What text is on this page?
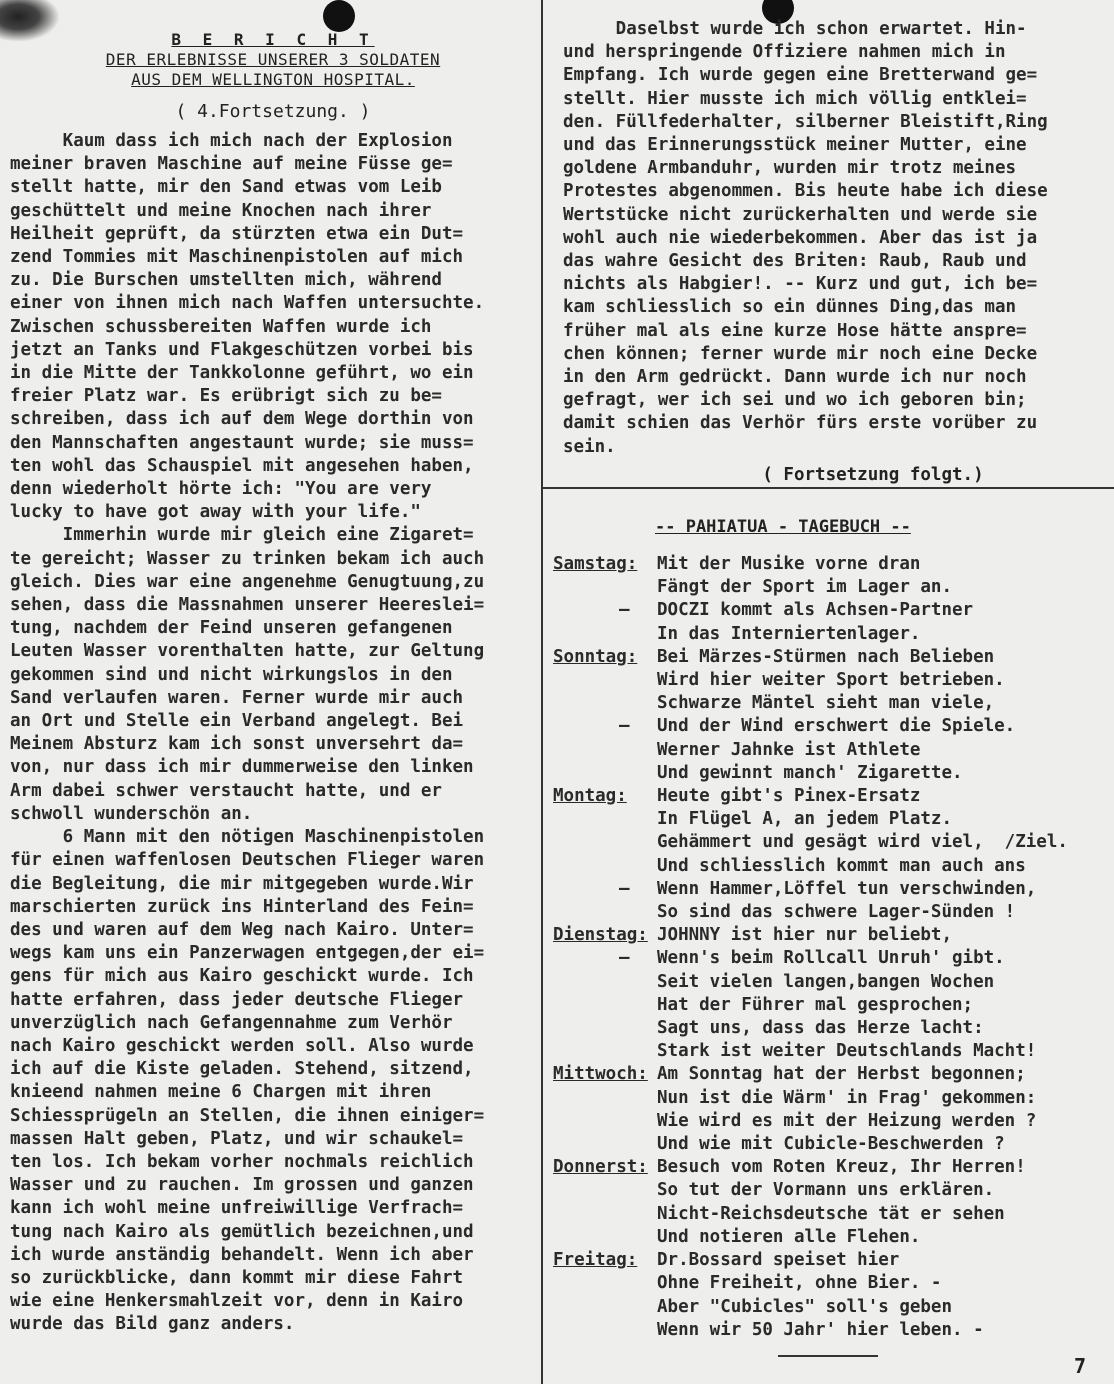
B E R I C H T
DER ERLEBNISSE UNSERER 3 SOLDATEN
AUS DEM WELLINGTON HOSPITAL.
( 4.Fortsetzung. )
Kaum dass ich mich nach der Explosion
meiner braven Maschine auf meine Füsse ge=
stellt hatte, mir den Sand etwas vom Leib
geschüttelt und meine Knochen nach ihrer
Heilheit geprüft, da stürzten etwa ein Dut=
zend Tommies mit Maschinenpistolen auf mich
zu. Die Burschen umstellten mich, während
einer von ihnen mich nach Waffen untersuchte.
Zwischen schussbereiten Waffen wurde ich
jetzt an Tanks und Flakgeschützen vorbei bis
in die Mitte der Tankkolonne geführt, wo ein
freier Platz war. Es erübrigt sich zu be=
schreiben, dass ich auf dem Wege dorthin von
den Mannschaften angestaunt wurde; sie muss=
ten wohl das Schauspiel mit angesehen haben,
denn wiederholt hörte ich: "You are very
lucky to have got away with your life."
Immerhin wurde mir gleich eine Zigaret=
te gereicht; Wasser zu trinken bekam ich auch
gleich. Dies war eine angenehme Genugtuung,zu
sehen, dass die Massnahmen unserer Heereslei=
tung, nachdem der Feind unseren gefangenen
Leuten Wasser vorenthalten hatte, zur Geltung
gekommen sind und nicht wirkungslos in den
Sand verlaufen waren. Ferner wurde mir auch
an Ort und Stelle ein Verband angelegt. Bei
Meinem Absturz kam ich sonst unversehrt da=
von, nur dass ich mir dummerweise den linken
Arm dabei schwer verstaucht hatte, und er
schwoll wunderschön an.
6 Mann mit den nötigen Maschinenpistolen
für einen waffenlosen Deutschen Flieger waren
die Begleitung, die mir mitgegeben wurde.Wir
marschierten zurück ins Hinterland des Fein=
des und waren auf dem Weg nach Kairo. Unter=
wegs kam uns ein Panzerwagen entgegen,der ei=
gens für mich aus Kairo geschickt wurde. Ich
hatte erfahren, dass jeder deutsche Flieger
unverzüglich nach Gefangennahme zum Verhör
nach Kairo geschickt werden soll. Also wurde
ich auf die Kiste geladen. Stehend, sitzend,
knieend nahmen meine 6 Chargen mit ihren
Schiessprügeln an Stellen, die ihnen einiger=
massen Halt geben, Platz, und wir schaukel=
ten los. Ich bekam vorher nochmals reichlich
Wasser und zu rauchen. Im grossen und ganzen
kann ich wohl meine unfreiwillige Verfrach=
tung nach Kairo als gemütlich bezeichnen,und
ich wurde anständig behandelt. Wenn ich aber
so zurückblicke, dann kommt mir diese Fahrt
wie eine Henkersmahlzeit vor, denn in Kairo
wurde das Bild ganz anders.
Daselbst wurde ich schon erwartet. Hin-
und herspringende Offiziere nahmen mich in
Empfang. Ich wurde gegen eine Bretterwand ge=
stellt. Hier musste ich mich völlig entklei=
den. Füllfederhalter, silberner Bleistift,Ring
und das Erinnerungsstück meiner Mutter, eine
goldene Armbanduhr, wurden mir trotz meines
Protestes abgenommen. Bis heute habe ich diese
Wertstücke nicht zurückerhalten und werde sie
wohl auch nie wiederbekommen. Aber das ist ja
das wahre Gesicht des Briten: Raub, Raub und
nichts als Habgier!. -- Kurz und gut, ich be=
kam schliesslich so ein dünnes Ding,das man
früher mal als eine kurze Hose hätte anspre=
chen können; ferner wurde mir noch eine Decke
in den Arm gedrückt. Dann wurde ich nur noch
gefragt, wer ich sei und wo ich geboren bin;
damit schien das Verhör fürs erste vorüber zu
sein.
( Fortsetzung folgt.)
-- PAHIATUA - TAGEBUCH --
Samstag:	Mit der Musike vorne dran
Fängt der Sport im Lager an.
—	DOCZI kommt als Achsen-Partner
In das Interniertenlager.
Sonntag:	Bei Märzes-Stürmen nach Belieben
Wird hier weiter Sport betrieben.
Schwarze Mäntel sieht man viele,
—	Und der Wind erschwert die Spiele.
Werner Jahnke ist Athlete
Und gewinnt manch' Zigarette.
Montag:	Heute gibt's Pinex-Ersatz
In Flügel A, an jedem Platz.
Gehämmert und gesägt wird viel,  /Ziel.
Und schliesslich kommt man auch ans
—	Wenn Hammer,Löffel tun verschwinden,
So sind das schwere Lager-Sünden !
Dienstag: JOHNNY ist hier nur beliebt,
—	Wenn's beim Rollcall Unruh' gibt.
Seit vielen langen,bangen Wochen
Hat der Führer mal gesprochen;
Sagt uns, dass das Herze lacht:
Stark ist weiter Deutschlands Macht!
Mittwoch: Am Sonntag hat der Herbst begonnen;
Nun ist die Wärm' in Frag' gekommen:
Wie wird es mit der Heizung werden ?
Und wie mit Cubicle-Beschwerden ?
Donnerst: Besuch vom Roten Kreuz, Ihr Herren!
So tut der Vormann uns erklären.
Nicht-Reichsdeutsche tät er sehen
Und notieren alle Flehen.
Freitag:	Dr.Bossard speiset hier
Ohne Freiheit, ohne Bier. -
Aber "Cubicles" soll's geben
Wenn wir 50 Jahr' hier leben. -
7
